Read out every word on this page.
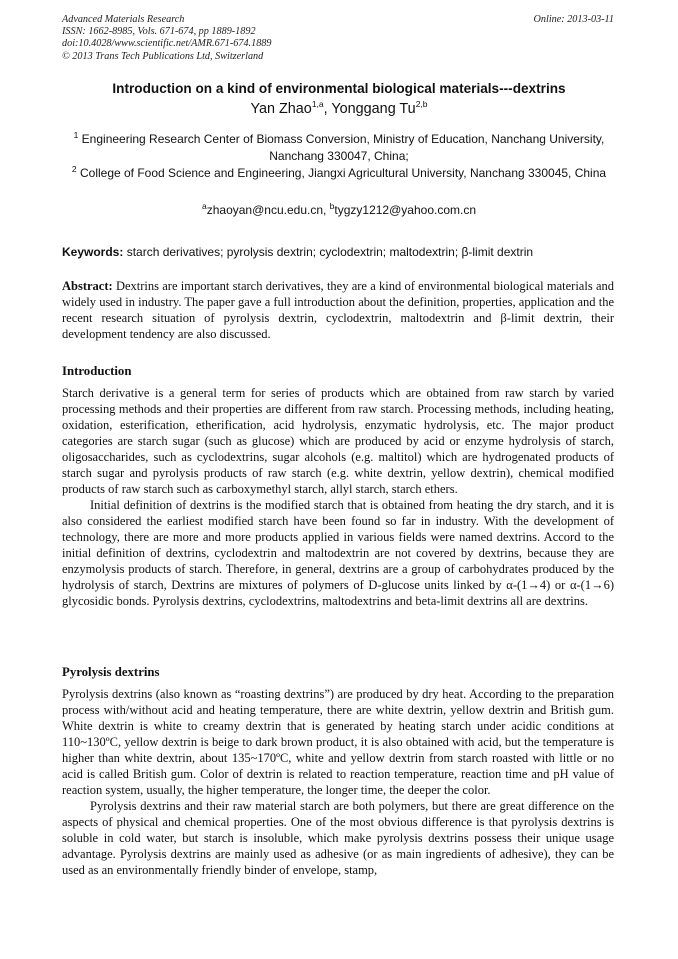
Advanced Materials Research
ISSN: 1662-8985, Vols. 671-674, pp 1889-1892
doi:10.4028/www.scientific.net/AMR.671-674.1889
© 2013 Trans Tech Publications Ltd, Switzerland
Online: 2013-03-11
Introduction on a kind of environmental biological materials---dextrins
Yan Zhao$^{1,a}$, Yonggang Tu$^{2,b}$
$^1$ Engineering Research Center of Biomass Conversion, Ministry of Education, Nanchang University, Nanchang 330047, China;
$^2$ College of Food Science and Engineering, Jiangxi Agricultural University, Nanchang 330045, China
$^a$zhaoyan@ncu.edu.cn, $^b$tygzy1212@yahoo.com.cn
Keywords: starch derivatives; pyrolysis dextrin; cyclodextrin; maltodextrin; β-limit dextrin
Abstract: Dextrins are important starch derivatives, they are a kind of environmental biological materials and widely used in industry. The paper gave a full introduction about the definition, properties, application and the recent research situation of pyrolysis dextrin, cyclodextrin, maltodextrin and β-limit dextrin, their development tendency are also discussed.
Introduction

Starch derivative is a general term for series of products which are obtained from raw starch by varied processing methods and their properties are different from raw starch. Processing methods, including heating, oxidation, esterification, etherification, acid hydrolysis, enzymatic hydrolysis, etc. The major product categories are starch sugar (such as glucose) which are produced by acid or enzyme hydrolysis of starch, oligosaccharides, such as cyclodextrins, sugar alcohols (e.g. maltitol) which are hydrogenated products of starch sugar and pyrolysis products of raw starch (e.g. white dextrin, yellow dextrin), chemical modified products of raw starch such as carboxymethyl starch, allyl starch, starch ethers.

Initial definition of dextrins is the modified starch that is obtained from heating the dry starch, and it is also considered the earliest modified starch have been found so far in industry. With the development of technology, there are more and more products applied in various fields were named dextrins. Accord to the initial definition of dextrins, cyclodextrin and maltodextrin are not covered by dextrins, because they are enzymolysis products of starch. Therefore, in general, dextrins are a group of carbohydrates produced by the hydrolysis of starch, Dextrins are mixtures of polymers of D-glucose units linked by α-(1→4) or α-(1→6) glycosidic bonds. Pyrolysis dextrins, cyclodextrins, maltodextrins and beta-limit dextrins all are dextrins.

Pyrolysis dextrins

Pyrolysis dextrins (also known as “roasting dextrins”) are produced by dry heat. According to the preparation process with/without acid and heating temperature, there are white dextrin, yellow dextrin and British gum. White dextrin is white to creamy dextrin that is generated by heating starch under acidic conditions at 110~130ºC, yellow dextrin is beige to dark brown product, it is also obtained with acid, but the temperature is higher than white dextrin, about 135~170ºC, white and yellow dextrin from starch roasted with little or no acid is called British gum. Color of dextrin is related to reaction temperature, reaction time and pH value of reaction system, usually, the higher temperature, the longer time, the deeper the color.

Pyrolysis dextrins and their raw material starch are both polymers, but there are great difference on the aspects of physical and chemical properties. One of the most obvious difference is that pyrolysis dextrins is soluble in cold water, but starch is insoluble, which make pyrolysis dextrins possess their unique usage advantage. Pyrolysis dextrins are mainly used as adhesive (or as main ingredients of adhesive), they can be used as an environmentally friendly binder of envelope, stamp,
